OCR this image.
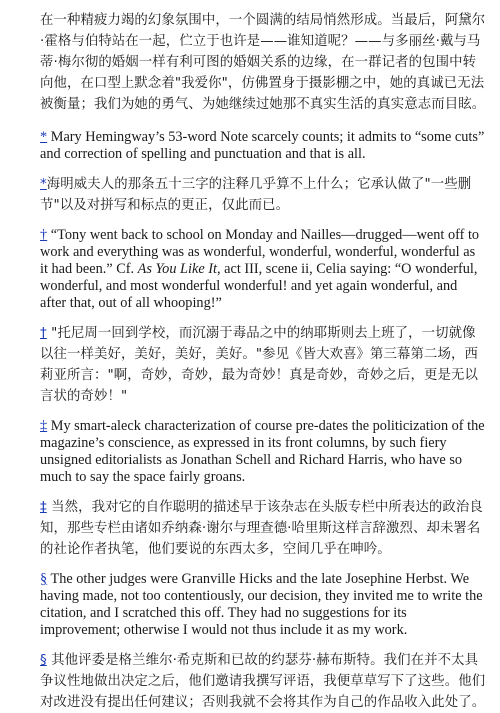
在一种精疲力竭的幻象氛围中，一个圆满的结局悄然形成。当最后，阿黛尔·霍格与伯特站在一起，伫立于也许是——谁知道呢？——与多丽丝·戴与马蒂·梅尔彻的婚姻一样有利可图的婚姻关系的边缘，在一群记者的包围中转向他，在口型上默念着"我爱你"，仿佛置身于摄影棚之中，她的真诚已无法被衡量；我们为她的勇气、为她继续过她那不真实生活的真实意志而目眩。

* Mary Hemingway’s 53-word Note scarcely counts; it admits to “some cuts” and correction of spelling and punctuation and that is all.

*海明威夫人的那条五十三字的注释几乎算不上什么；它承认做了"一些删节"以及对拼写和标点的更正，仅此而已。

† “Tony went back to school on Monday and Nailles—drugged—went off to work and everything was as wonderful, wonderful, wonderful, wonderful as it had been.” Cf. As You Like It, act III, scene ii, Celia saying: “O wonderful, wonderful, and most wonderful wonderful! and yet again wonderful, and after that, out of all whooping!”

† "托尼周一回到学校，而沉溺于毒品之中的纳耶斯则去上班了，一切就像以往一样美好，美好，美好，美好。"参见《皆大欢喜》第三幕第二场，西莉亚所言："啊，奇妙，奇妙，最为奇妙！真是奇妙，奇妙之后，更是无以言状的奇妙！"

‡ My smart-aleck characterization of course pre-dates the politicization of the magazine’s conscience, as expressed in its front columns, by such fiery unsigned editorialists as Jonathan Schell and Richard Harris, who have so much to say the space fairly groans.

‡ 当然，我对它的自作聪明的描述早于该杂志在头版专栏中所表达的政治良知，那些专栏由诸如乔纳森·谢尔与理查德·哈里斯这样言辞激烈、却未署名的社论作者执笔，他们要说的东西太多，空间几乎在呻吟。

§ The other judges were Granville Hicks and the late Josephine Herbst. We having made, not too contentiously, our decision, they invited me to write the citation, and I scratched this off. They had no suggestions for its improvement; otherwise I would not thus include it as my work.

§ 其他评委是格兰维尔·希克斯和已故的约瑟芬·赫布斯特。我们在并不太具争议性地做出决定之后，他们邀请我撰写评语，我便草草写下了这些。他们对改进没有提出任何建议；否则我就不会将其作为自己的作品收入此处了。
